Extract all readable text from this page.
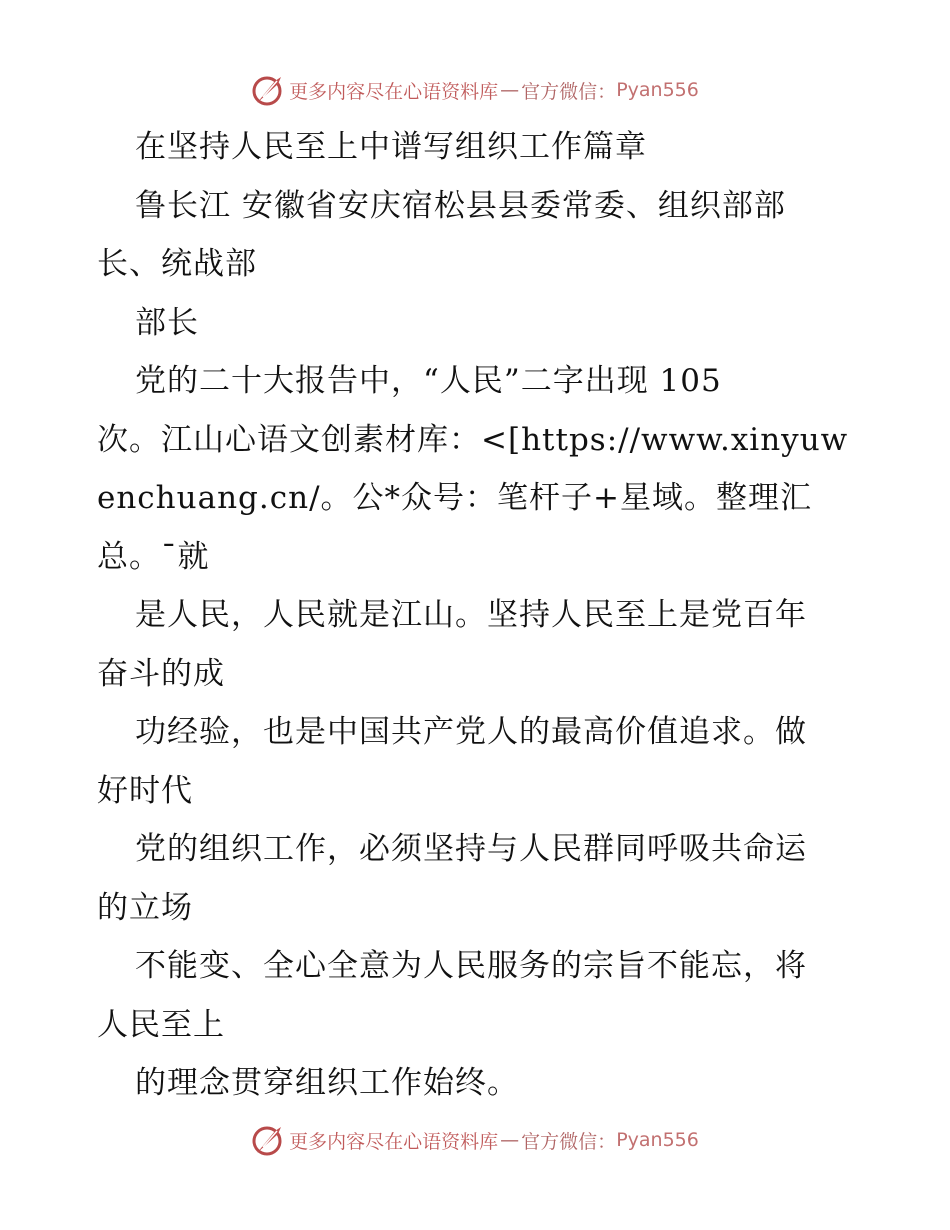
更多内容尽在心语资料库 — 官方微信： Pyan556
在坚持人民至上中谱写组织工作篇章
鲁长江 安徽省安庆宿松县县委常委、组织部部
长、统战部
部长
党的二十大报告中，“人民”二字出现 105
次。江山心语文创素材库：<[https://www.xinyuw
enchuang.cn/。公*众号：笔杆子+星域。整理汇
总。¯就
是人民，人民就是江山。坚持人民至上是党百年
奋斗的成
功经验，也是中国共产党人的最高价值追求。做
好时代
党的组织工作，必须坚持与人民群同呼吸共命运
的立场
不能变、全心全意为人民服务的宗旨不能忘，将
人民至上
的理念贯穿组织工作始终。
更多内容尽在心语资料库 — 官方微信： Pyan556
